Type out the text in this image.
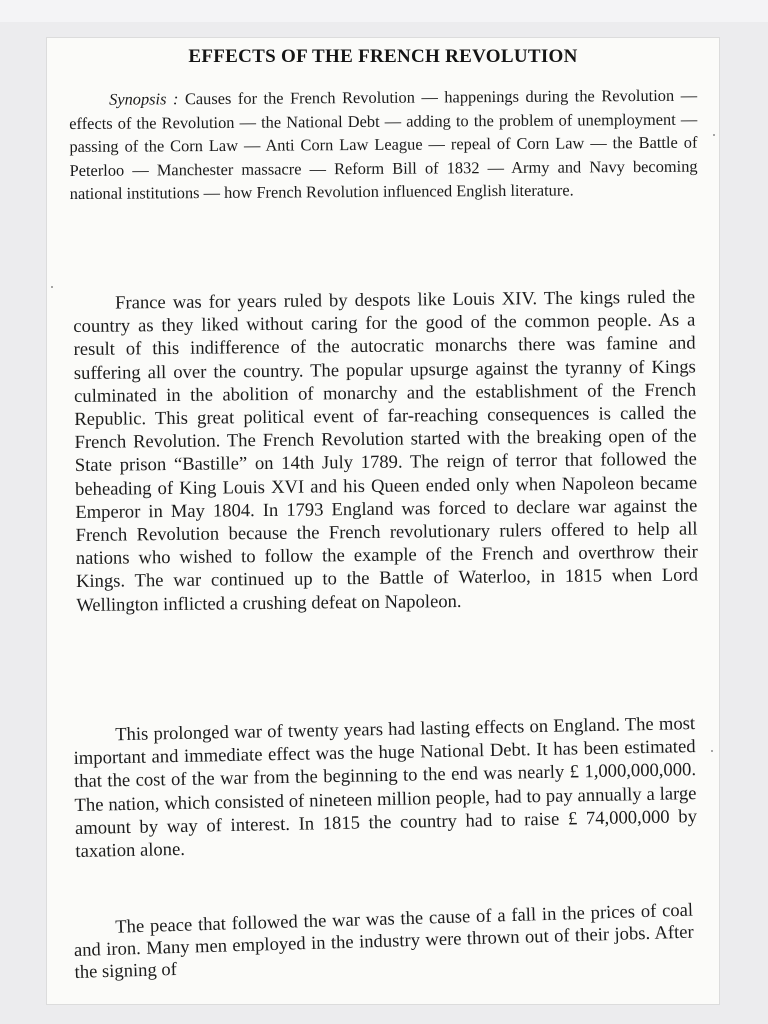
EFFECTS OF THE FRENCH REVOLUTION

Synopsis : Causes for the French Revolution — happenings during the Revolution — effects of the Revolution — the National Debt — adding to the problem of unemployment — passing of the Corn Law — Anti Corn Law League — repeal of Corn Law — the Battle of Peterloo — Manchester massacre — Reform Bill of 1832 — Army and Navy becoming national institutions — how French Revolution influenced English literature.

France was for years ruled by despots like Louis XIV. The kings ruled the country as they liked without caring for the good of the common people. As a result of this indifference of the autocratic monarchs there was famine and suffering all over the country. The popular upsurge against the tyranny of Kings culminated in the abolition of monarchy and the establishment of the French Republic. This great political event of far-reaching consequences is called the French Revolution. The French Revolution started with the breaking open of the State prison “Bastille” on 14th July 1789. The reign of terror that followed the beheading of King Louis XVI and his Queen ended only when Napoleon became Emperor in May 1804. In 1793 England was forced to declare war against the French Revolution because the French revolutionary rulers offered to help all nations who wished to follow the example of the French and overthrow their Kings. The war continued up to the Battle of Waterloo, in 1815 when Lord Wellington inflicted a crushing defeat on Napoleon.

This prolonged war of twenty years had lasting effects on England. The most important and immediate effect was the huge National Debt. It has been estimated that the cost of the war from the beginning to the end was nearly £ 1,000,000,000. The nation, which consisted of nineteen million people, had to pay annually a large amount by way of interest. In 1815 the country had to raise £ 74,000,000 by taxation alone.

The peace that followed the war was the cause of a fall in the prices of coal and iron. Many men employed in the industry were thrown out of their jobs. After the signing of
